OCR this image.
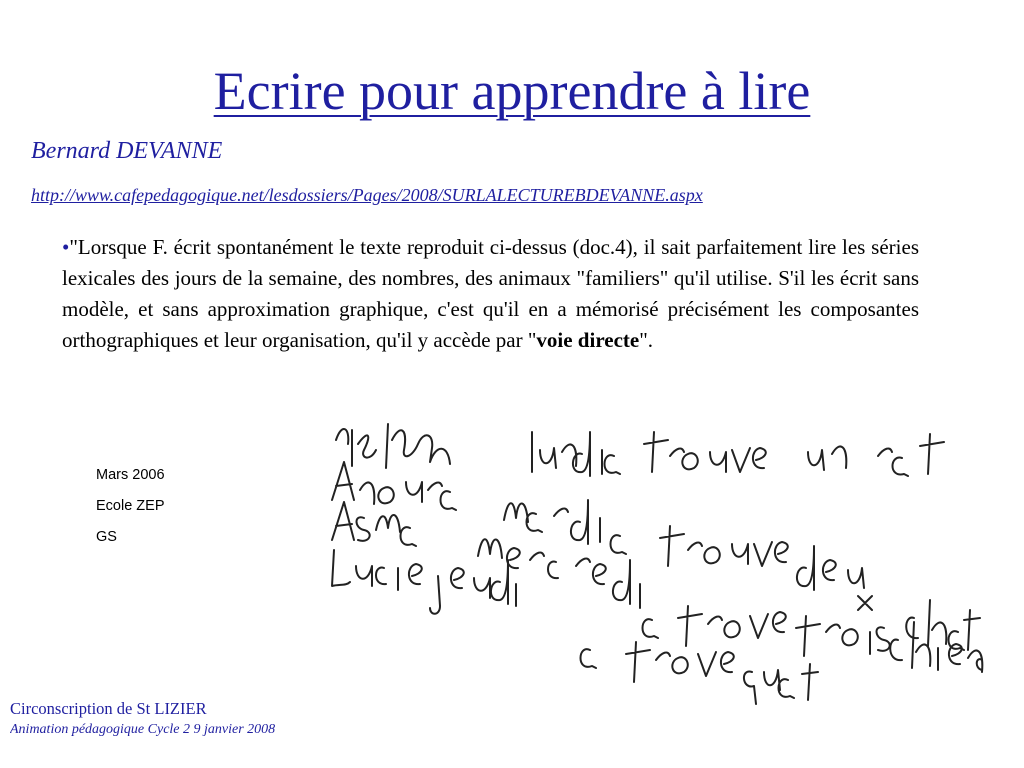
Ecrire pour apprendre à lire
Bernard DEVANNE
http://www.cafepedagogique.net/lesdossiers/Pages/2008/SURLALECTUREBDEVANNE.aspx
•"Lorsque F. écrit spontanément le texte reproduit ci-dessus (doc.4), il sait parfaitement lire les séries lexicales des jours de la semaine, des nombres, des animaux "familiers" qu'il utilise. S'il les écrit sans modèle, et sans approximation graphique, c'est qu'il en a mémorisé précisément les composantes orthographiques et leur organisation, qu'il y accède par "voie directe".
Mars 2006
Ecole ZEP
GS
Circonscription de St LIZIER
Animation pédagogique Cycle 2 9 janvier 2008
